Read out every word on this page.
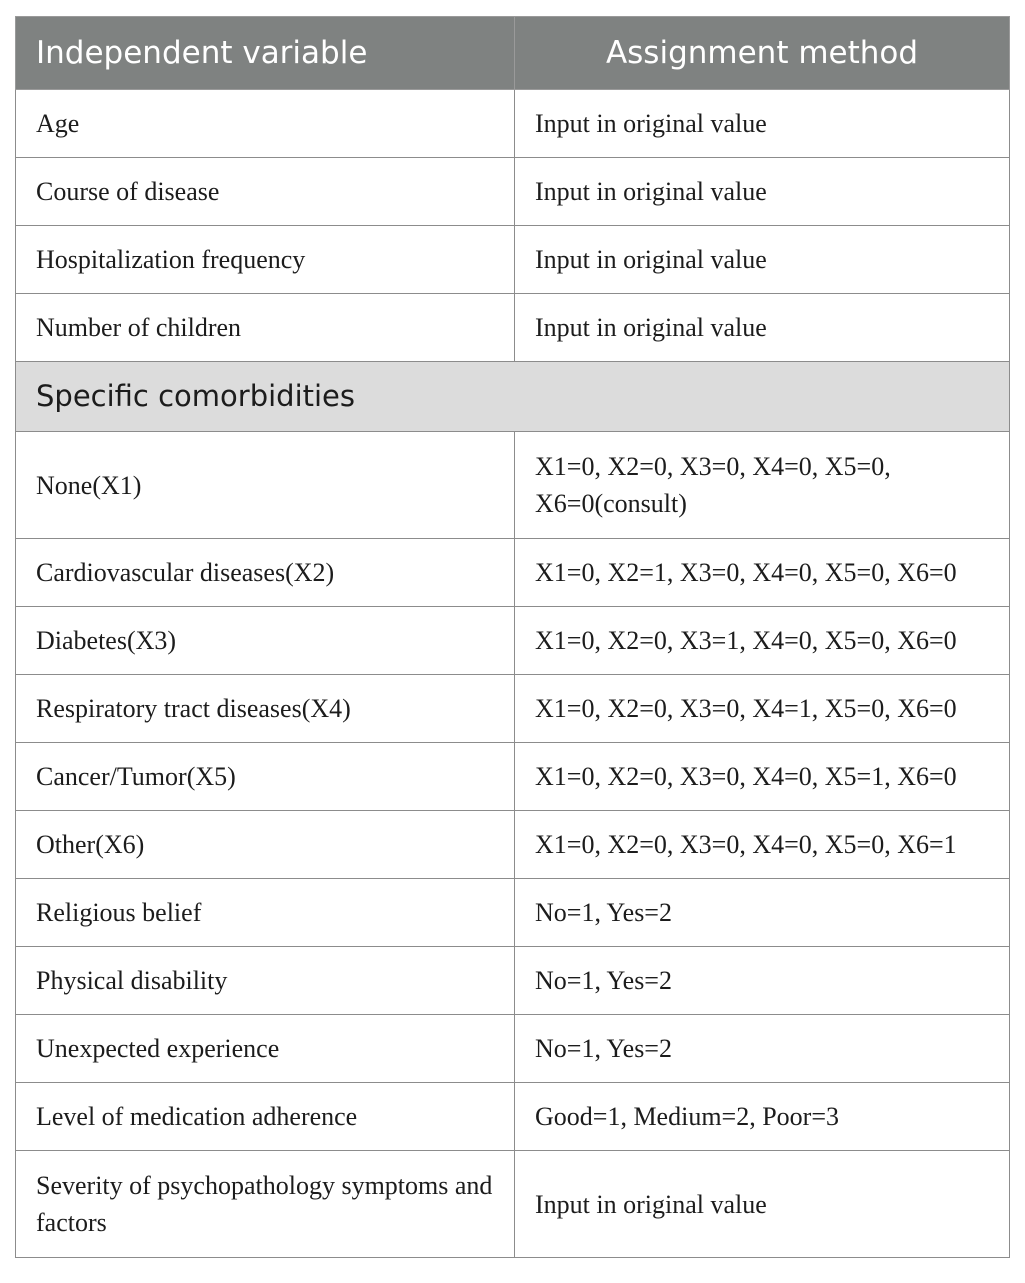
Independent variable	Assignment method
Age	Input in original value
Course of disease	Input in original value
Hospitalization frequency	Input in original value
Number of children	Input in original value
Specific comorbidities	
None(X1)	X1=0, X2=0, X3=0, X4=0, X5=0, X6=0(consult)
Cardiovascular diseases(X2)	X1=0, X2=1, X3=0, X4=0, X5=0, X6=0
Diabetes(X3)	X1=0, X2=0, X3=1, X4=0, X5=0, X6=0
Respiratory tract diseases(X4)	X1=0, X2=0, X3=0, X4=1, X5=0, X6=0
Cancer/Tumor(X5)	X1=0, X2=0, X3=0, X4=0, X5=1, X6=0
Other(X6)	X1=0, X2=0, X3=0, X4=0, X5=0, X6=1
Religious belief	No=1, Yes=2
Physical disability	No=1, Yes=2
Unexpected experience	No=1, Yes=2
Level of medication adherence	Good=1, Medium=2, Poor=3
Severity of psychopathology symptoms and factors	Input in original value
